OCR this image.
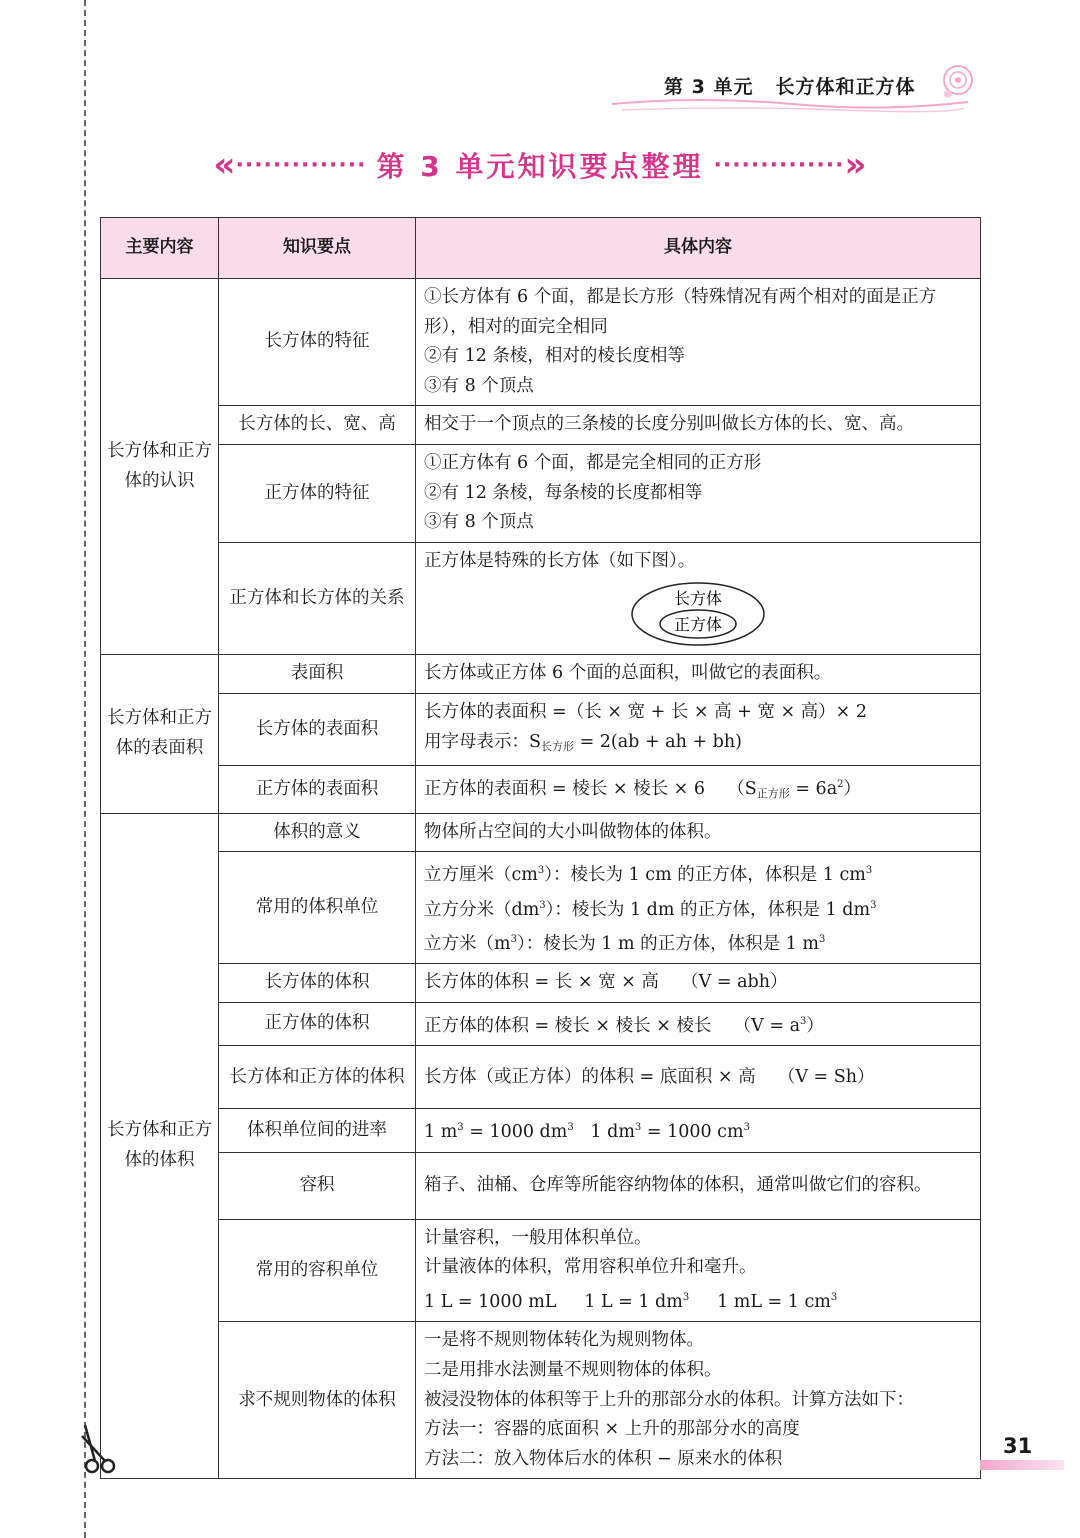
第 3 单元 长方体和正方体
« ·············· 第 3 单元知识要点整理 ·············· »
主要内容	知识要点	具体内容
长方体和正方体的认识	长方体的特征	①长方体有 6 个面，都是长方形（特殊情况有两个相对的面是正方形），相对的面完全相同
②有 12 条棱，相对的棱长度相等
③有 8 个顶点

	长方体的长、宽、高	相交于一个顶点的三条棱的长度分别叫做长方体的长、宽、高。

	正方体的特征	①正方体有 6 个面，都是完全相同的正方形
②有 12 条棱，每条棱的长度都相等
③有 8 个顶点

	正方体和长方体的关系	正方体是特殊的长方体（如下图）。
长方体
正方体

长方体和正方体的表面积	表面积	长方体或正方体 6 个面的总面积，叫做它的表面积。

	长方体的表面积	长方体的表面积 =（长 × 宽 + 长 × 高 + 宽 × 高）× 2
用字母表示：$S_{长方形} = 2(ab$ + ah + bh)

	正方体的表面积	正方体的表面积 = 棱长 × 棱长 × 6 $(S_{正方形} = 6a^2)$

长方体和正方体的体积	体积的意义	物体所占空间的大小叫做物体的体积。

	常用的体积单位	立方厘米$(cm^3)$：棱长为 1 cm 的正方体，体积是 1 $cm^3$
立方分米$(dm^3)$：棱长为 1 dm 的正方体，体积是 1 $dm^3$
立方米$(m^3)$：棱长为 1 m 的正方体，体积是 1 $m^3$

	长方体的体积	长方体的体积 = 长 × 宽 × 高 （V = abh）

	正方体的体积	正方体的体积 = 棱长 × 棱长 × 棱长 $(V = a^3)$

	长方体和正方体的体积	长方体（或正方体）的体积 = 底面积 × 高 （V = Sh）

	体积单位间的进率	1 $m^3 = 1000$ $dm^3$   1 $dm^3 = 1000$ $cm^3$

	容积	箱子、油桶、仓库等所能容纳物体的体积，通常叫做它们的容积。

	常用的容积单位	计量容积，一般用体积单位。
计量液体的体积，常用容积单位升和毫升。
1 L = 1000 mL 1 L = 1 $dm^3$ 1 mL = 1 $cm^3$

	求不规则物体的体积	一是将不规则物体转化为规则物体。
二是用排水法测量不规则物体的体积。
被浸没物体的体积等于上升的那部分水的体积。计算方法如下：
方法一：容器的底面积 × 上升的那部分水的高度
方法二：放入物体后水的体积 − 原来水的体积
31
